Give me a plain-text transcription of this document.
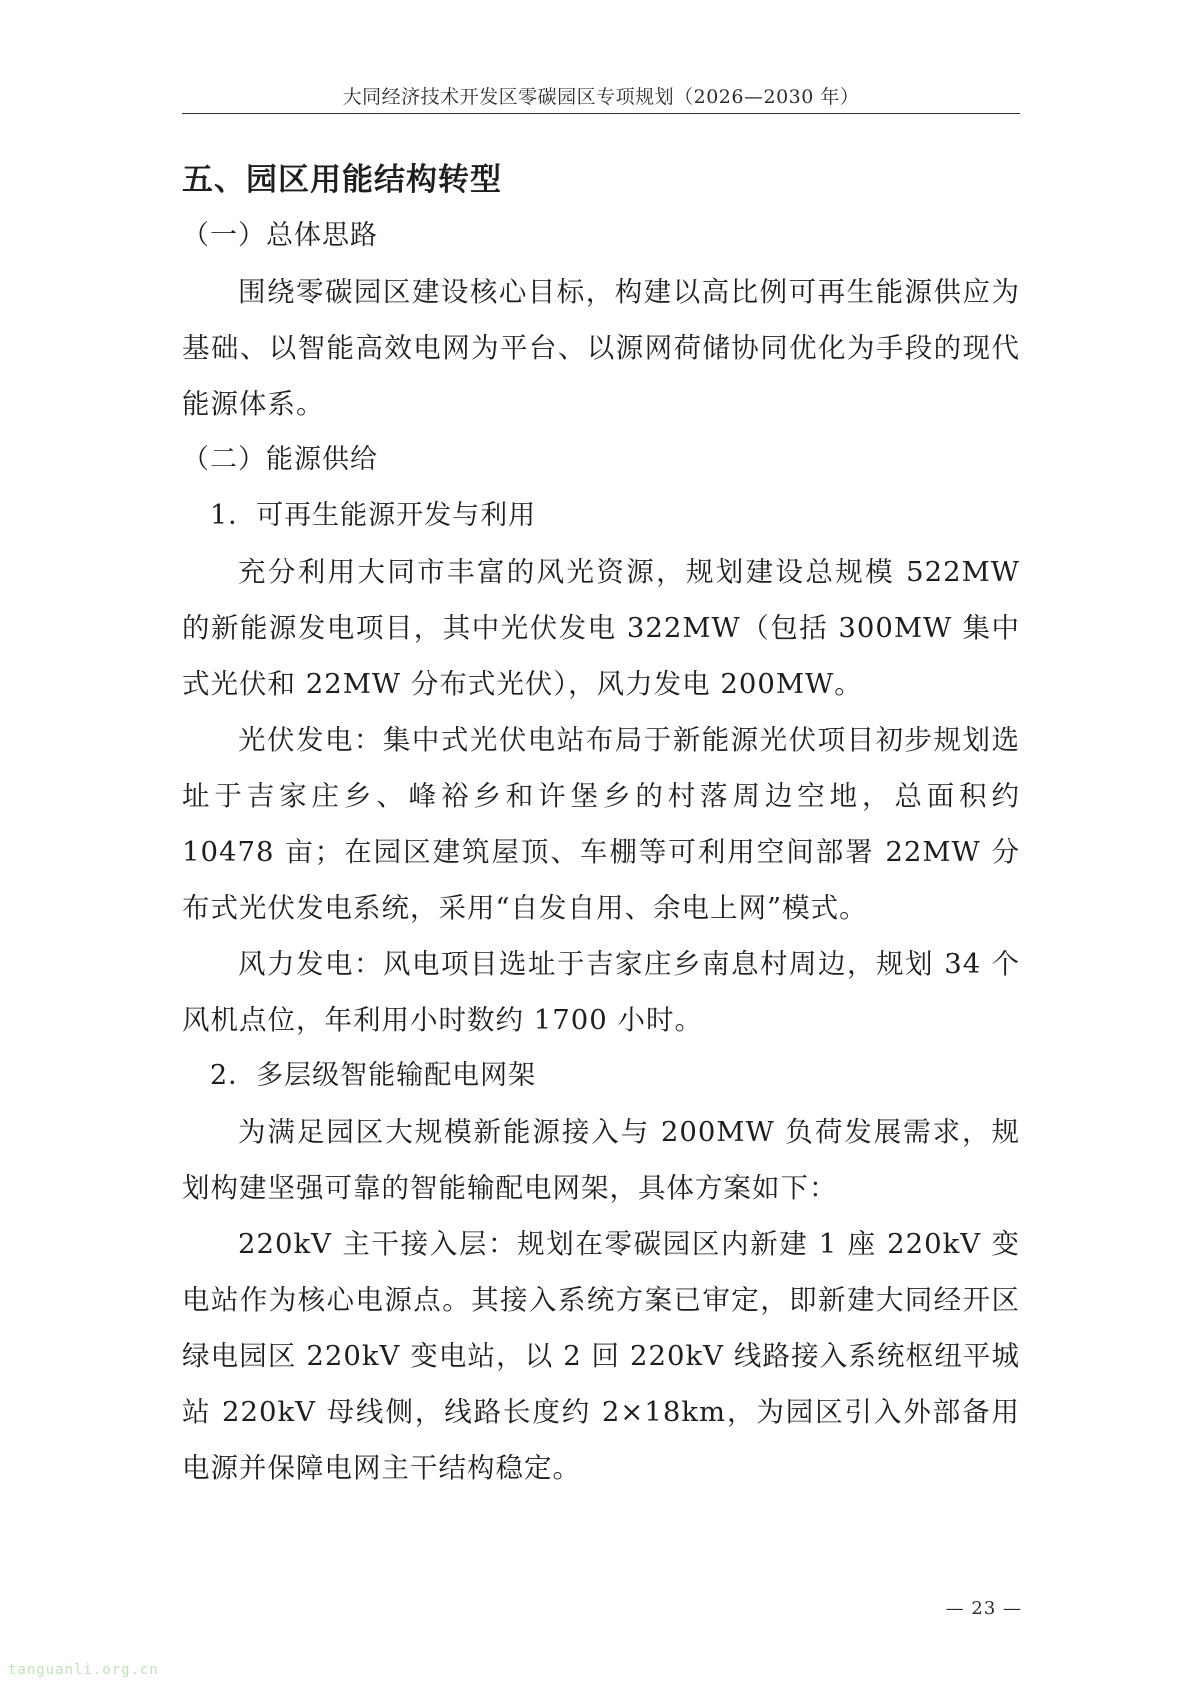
大同经济技术开发区零碳园区专项规划（2026—2030 年）
五、园区用能结构转型
（一）总体思路

围绕零碳园区建设核心目标，构建以高比例可再生能源供应为基础、以智能高效电网为平台、以源网荷储协同优化为手段的现代能源体系。

（二）能源供给
1．可再生能源开发与利用

充分利用大同市丰富的风光资源，规划建设总规模 522MW 的新能源发电项目，其中光伏发电 322MW（包括 300MW 集中式光伏和 22MW 分布式光伏），风力发电 200MW。

光伏发电：集中式光伏电站布局于新能源光伏项目初步规划选址于吉家庄乡、峰裕乡和许堡乡的村落周边空地，总面积约 10478 亩；在园区建筑屋顶、车棚等可利用空间部署 22MW 分布式光伏发电系统，采用“自发自用、余电上网”模式。

风力发电：风电项目选址于吉家庄乡南息村周边，规划 34 个风机点位，年利用小时数约 1700 小时。

2．多层级智能输配电网架

为满足园区大规模新能源接入与 200MW 负荷发展需求，规划构建坚强可靠的智能输配电网架，具体方案如下：

220kV 主干接入层：规划在零碳园区内新建 1 座 220kV 变电站作为核心电源点。其接入系统方案已审定，即新建大同经开区绿电园区 220kV 变电站，以 2 回 220kV 线路接入系统枢纽平城站 220kV 母线侧，线路长度约 2×18km，为园区引入外部备用电源并保障电网主干结构稳定。

— 23 —
tanguanli.org.cn
